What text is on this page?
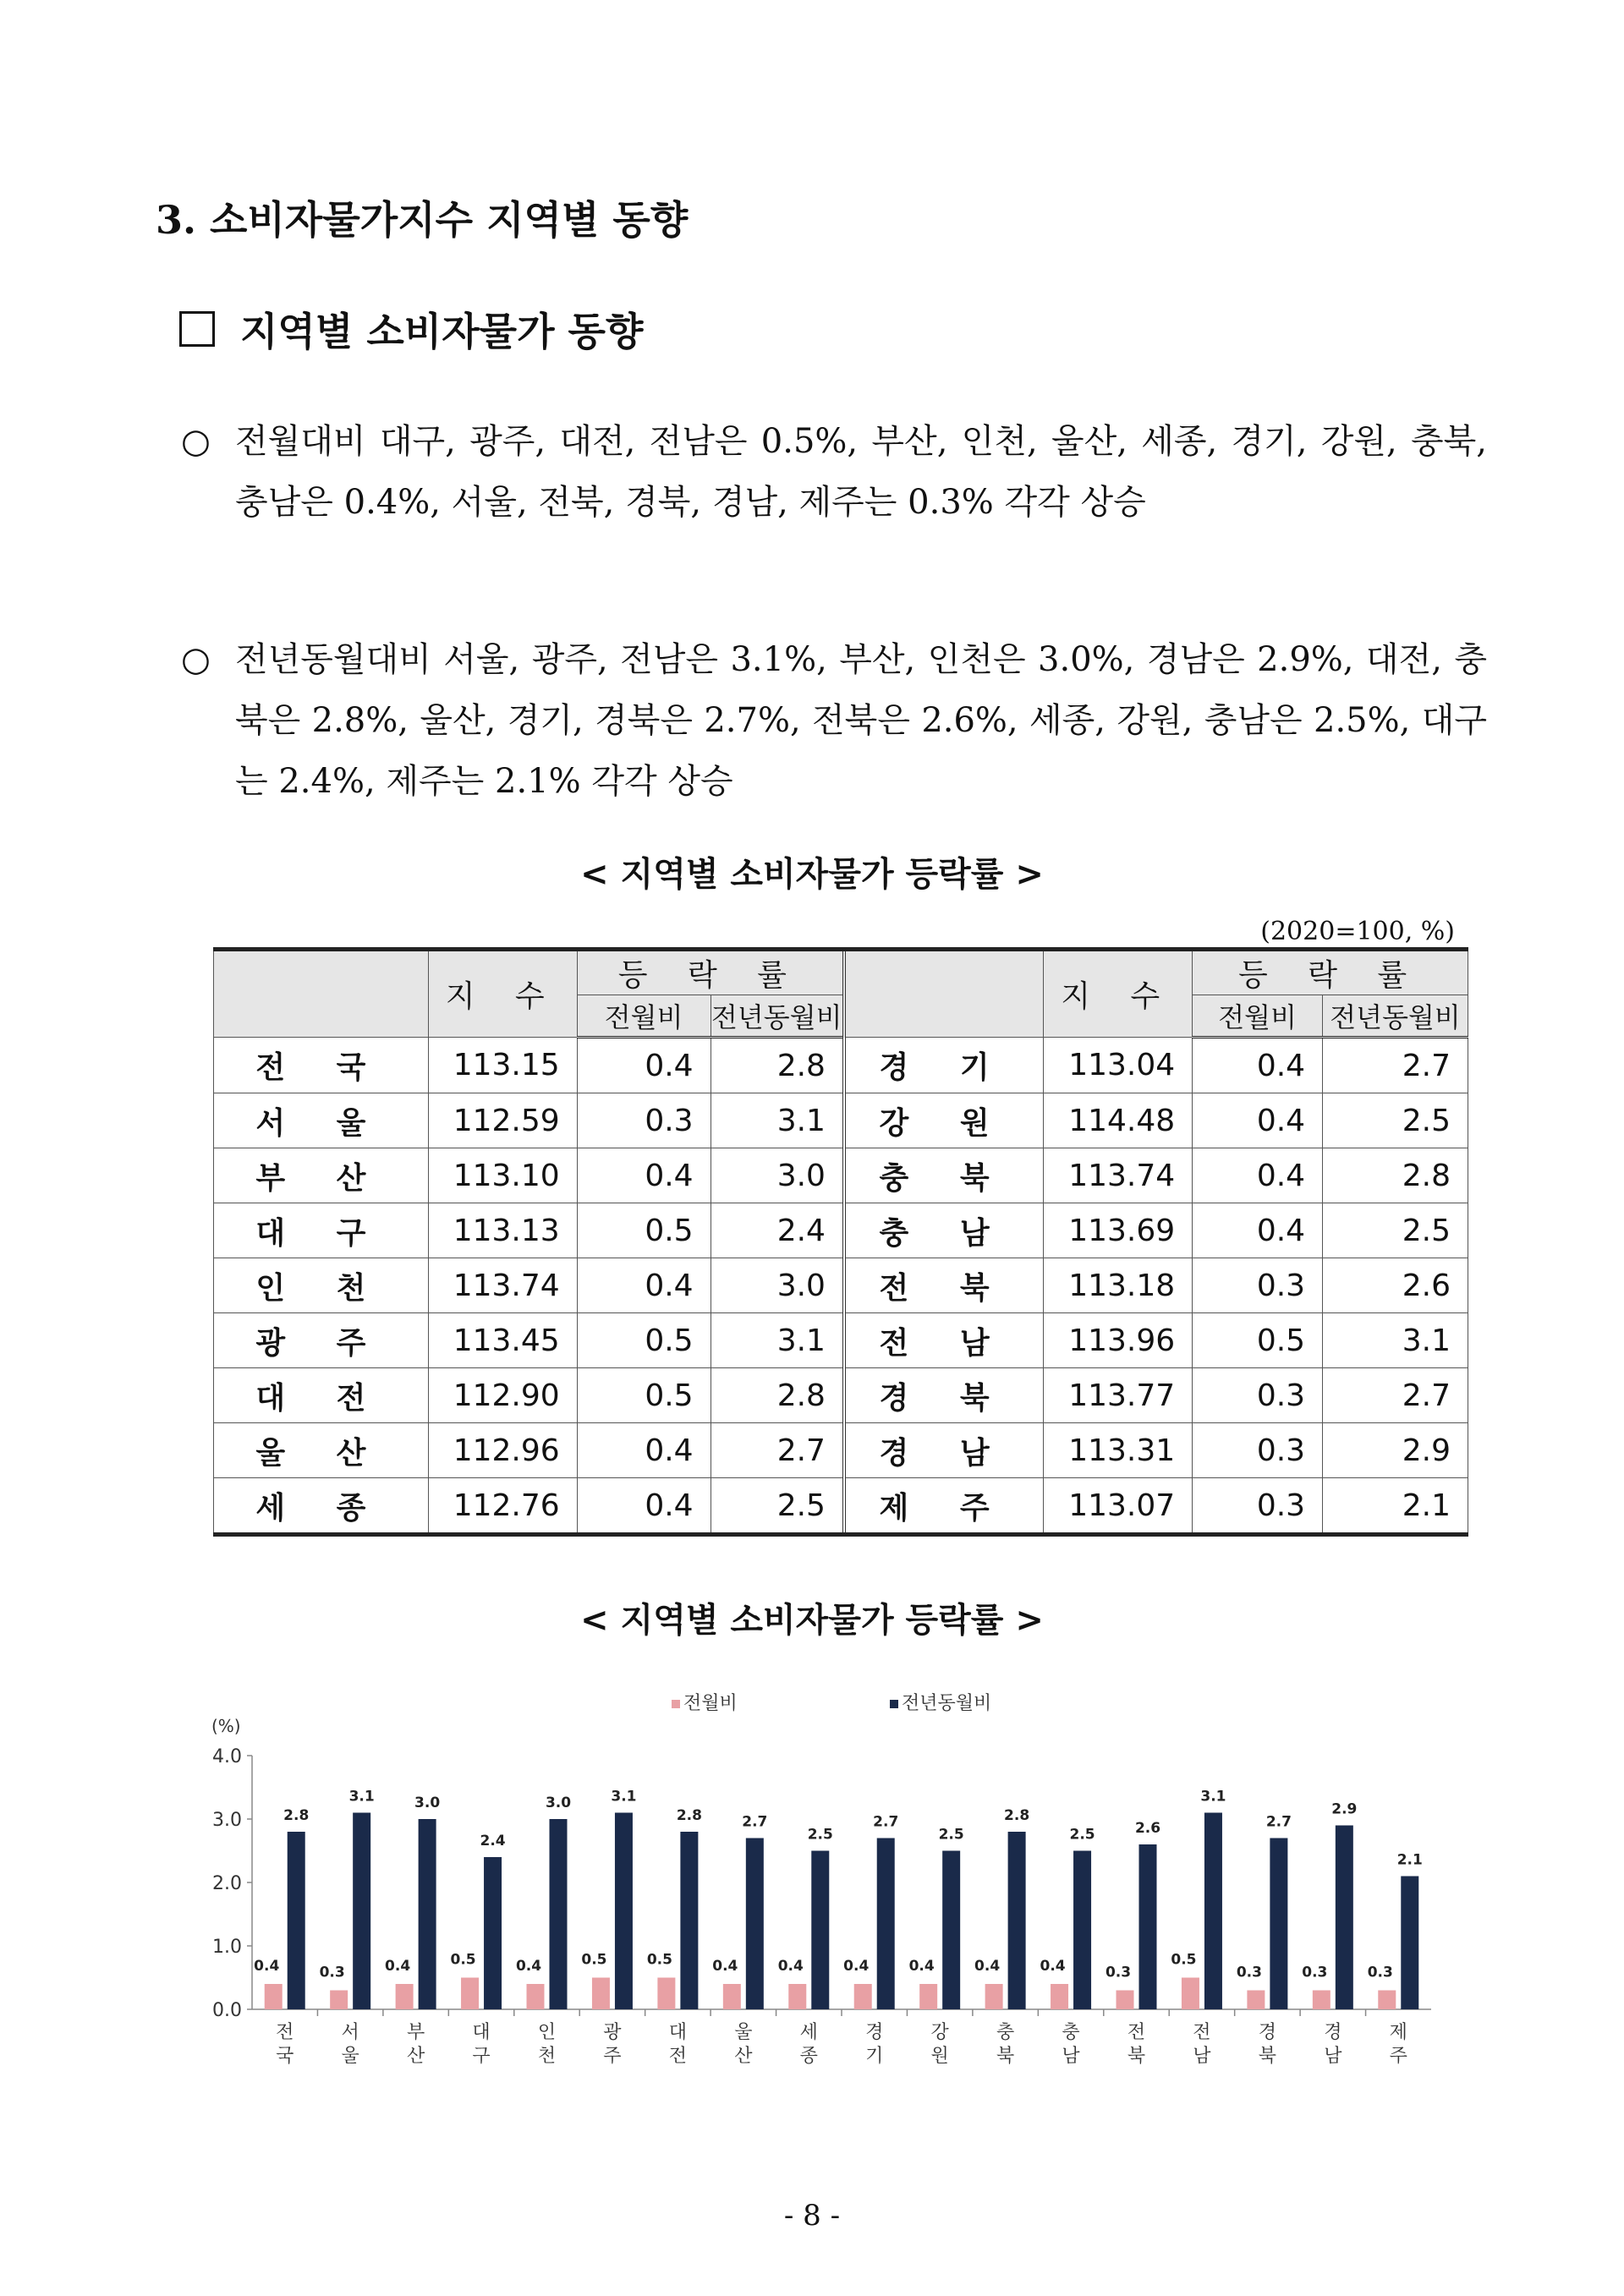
3. 소비자물가지수 지역별 동향
지역별 소비자물가 동향
○ 전월대비 대구, 광주, 대전, 전남은 0.5%, 부산, 인천, 울산, 세종, 경기, 강원, 충북, 충남은 0.4%, 서울, 전북, 경북, 경남, 제주는 0.3% 각각 상승
○ 전년동월대비 서울, 광주, 전남은 3.1%, 부산, 인천은 3.0%, 경남은 2.9%, 대전, 충북은 2.8%, 울산, 경기, 경북은 2.7%, 전북은 2.6%, 세종, 강원, 충남은 2.5%, 대구는 2.4%, 제주는 2.1% 각각 상승
< 지역별 소비자물가 등락률 >
(2020=100, %)
	지 수	등 락 률			지 수	등 락 률	
		전월비	전년동월비			전월비	전년동월비
전 국	113.15	0.4	2.8	경 기	113.04	0.4	2.7
서 울	112.59	0.3	3.1	강 원	114.48	0.4	2.5
부 산	113.10	0.4	3.0	충 북	113.74	0.4	2.8
대 구	113.13	0.5	2.4	충 남	113.69	0.4	2.5
인 천	113.74	0.4	3.0	전 북	113.18	0.3	2.6
광 주	113.45	0.5	3.1	전 남	113.96	0.5	3.1
대 전	112.90	0.5	2.8	경 북	113.77	0.3	2.7
울 산	112.96	0.4	2.7	경 남	113.31	0.3	2.9
세 종	112.76	0.4	2.5	제 주	113.07	0.3	2.1
< 지역별 소비자물가 등락률 >
전월비	전년동월비
(%)
0.0
1.0
2.0
3.0
4.0
전
국
0.4
2.8
서
울
0.3
3.1
부
산
0.4
3.0
대
구
0.5
2.4
인
천
0.4
3.0
광
주
0.5
3.1
대
전
0.5
2.8
울
산
0.4
2.7
세
종
0.4
2.5
경
기
0.4
2.7
강
원
0.4
2.5
충
북
0.4
2.8
충
남
0.4
2.5
전
북
0.3
2.6
전
남
0.5
3.1
경
북
0.3
2.7
경
남
0.3
2.9
제
주
0.3
2.1
- 8 -
